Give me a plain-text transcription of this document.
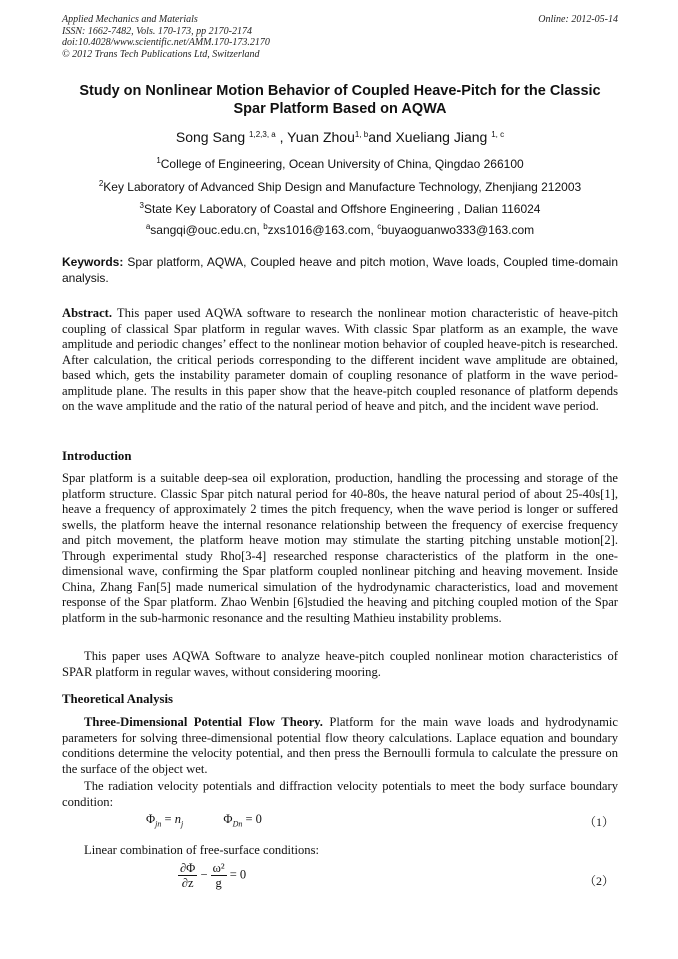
Applied Mechanics and Materials
ISSN: 1662-7482, Vols. 170-173, pp 2170-2174
doi:10.4028/www.scientific.net/AMM.170-173.2170
© 2012 Trans Tech Publications Ltd, Switzerland
Online: 2012-05-14
Study on Nonlinear Motion Behavior of Coupled Heave-Pitch for the Classic Spar Platform Based on AQWA
Song Sang $^{1,2,3, a}$ , Yuan Zhou$^{1, b}$and Xueliang Jiang $^{1, c}$
$^1$College of Engineering, Ocean University of China, Qingdao 266100
$^2$Key Laboratory of Advanced Ship Design and Manufacture Technology, Zhenjiang 212003
$^3$State Key Laboratory of Coastal and Offshore Engineering , Dalian 116024
$^a$sangqi@ouc.edu.cn, $^b$zxs1016@163.com, $^c$buyaoguanwo333@163.com
Keywords: Spar platform, AQWA, Coupled heave and pitch motion, Wave loads, Coupled time-domain analysis.
Abstract. This paper used AQWA software to research the nonlinear motion characteristic of heave-pitch coupling of classical Spar platform in regular waves. With classic Spar platform as an example, the wave amplitude and periodic changes’ effect to the nonlinear motion behavior of coupled heave-pitch is researched. After calculation, the critical periods corresponding to the different incident wave amplitude are obtained, based which, gets the instability parameter domain of coupling resonance of platform in the wave period-amplitude plane. The results in this paper show that the heave-pitch coupled resonance of platform depends on the wave amplitude and the ratio of the natural period of heave and pitch, and the incident wave period.
Introduction
Spar platform is a suitable deep-sea oil exploration, production, handling the processing and storage of the platform structure. Classic Spar pitch natural period for 40-80s, the heave natural period of about 25-40s[1], heave a frequency of approximately 2 times the pitch frequency, when the wave period is longer or suffered swells, the platform heave the internal resonance relationship between the frequency of exercise frequency and pitch movement, the platform heave motion may stimulate the starting pitching unstable motion[2]. Through experimental study Rho[3-4] researched response characteristics of the platform in the one-dimensional wave, confirming the Spar platform coupled nonlinear pitching and heaving movement. Inside China, Zhang Fan[5] made numerical simulation of the hydrodynamic characteristics, load and movement response of the Spar platform. Zhao Wenbin [6]studied the heaving and pitching coupled motion of the Spar platform in the sub-harmonic resonance and the resulting Mathieu instability problems.
This paper uses AQWA Software to analyze heave-pitch coupled nonlinear motion characteristics of SPAR platform in regular waves, without considering mooring.
Theoretical Analysis
Three-Dimensional Potential Flow Theory. Platform for the main wave loads and hydrodynamic parameters for solving three-dimensional potential flow theory calculations. Laplace equation and boundary conditions determine the velocity potential, and then press the Bernoulli formula to calculate the pressure on the surface of the object wet.
The radiation velocity potentials and diffraction velocity potentials to meet the body surface boundary condition:
$\Phi_{jn} = n_j$	$\Phi_{Dn} = 0$	（1）
Linear combination of free-surface conditions:
$\frac{\partial\Phi}{\partial z} - \frac{\text{ω²}}{g} = 0$	（2）
